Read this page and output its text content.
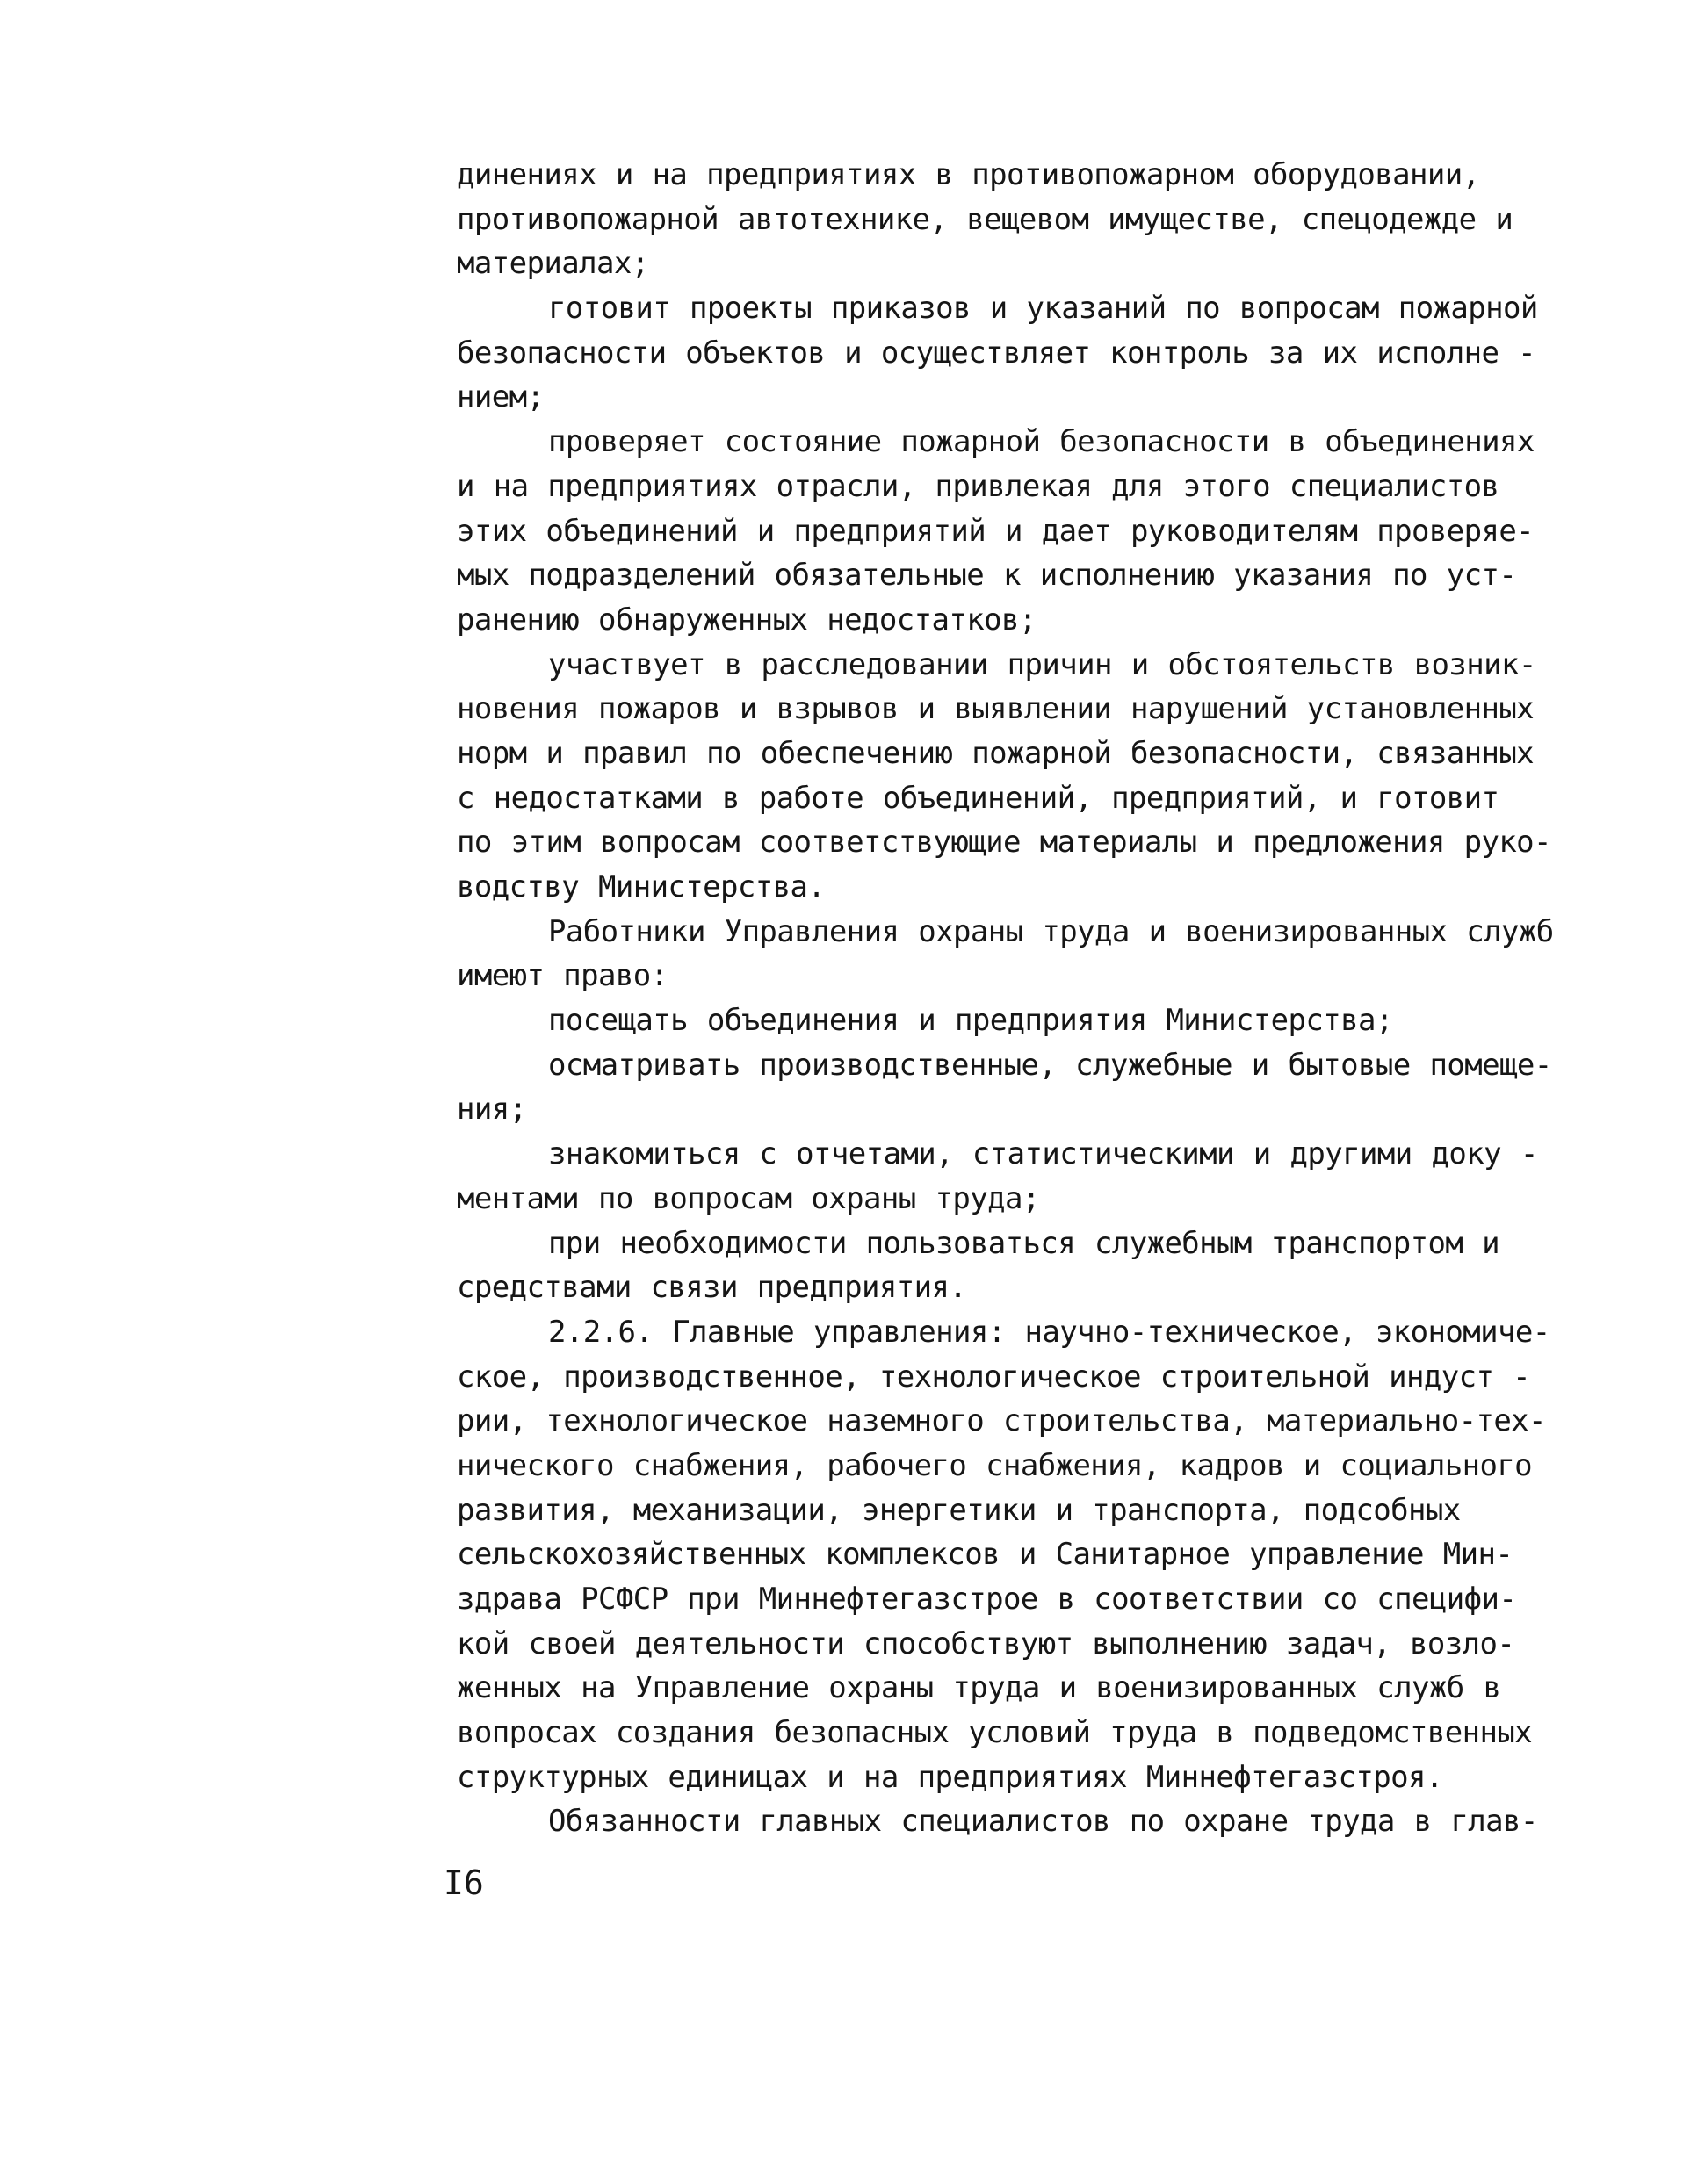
динениях и на предприятиях в противопожарном оборудовании,
противопожарной автотехнике, вещевом имуществе, спецодежде и
материалах;
готовит проекты приказов и указаний по вопросам пожарной
безопасности объектов и осуществляет контроль за их исполне -
нием;
проверяет состояние пожарной безопасности в объединениях
и на предприятиях отрасли, привлекая для этого специалистов
этих объединений и предприятий и дает руководителям проверяе-
мых подразделений обязательные к исполнению указания по уст-
ранению обнаруженных недостатков;
участвует в расследовании причин и обстоятельств возник-
новения пожаров и взрывов и выявлении нарушений установленных
норм и правил по обеспечению пожарной безопасности, связанных
с недостатками в работе объединений, предприятий, и готовит
по этим вопросам соответствующие материалы и предложения руко-
водству Министерства.
Работники Управления охраны труда и военизированных служб
имеют право:
посещать объединения и предприятия Министерства;
осматривать производственные, служебные и бытовые помеще-
ния;
знакомиться с отчетами, статистическими и другими доку -
ментами по вопросам охраны труда;
при необходимости пользоваться служебным транспортом и
средствами связи предприятия.
2.2.6. Главные управления: научно-техническое, экономиче-
ское, производственное, технологическое строительной индуст -
рии, технологическое наземного строительства, материально-тех-
нического снабжения, рабочего снабжения, кадров и социального
развития, механизации, энергетики и транспорта, подсобных
сельскохозяйственных комплексов и Санитарное управление Мин-
здрава РСФСР при Миннефтегазстрое в соответствии со специфи-
кой своей деятельности способствуют выполнению задач, возло-
женных на Управление охраны труда и военизированных служб в
вопросах создания безопасных условий труда в подведомственных
структурных единицах и на предприятиях Миннефтегазстроя.
Обязанности главных специалистов по охране труда в глав-
I6
